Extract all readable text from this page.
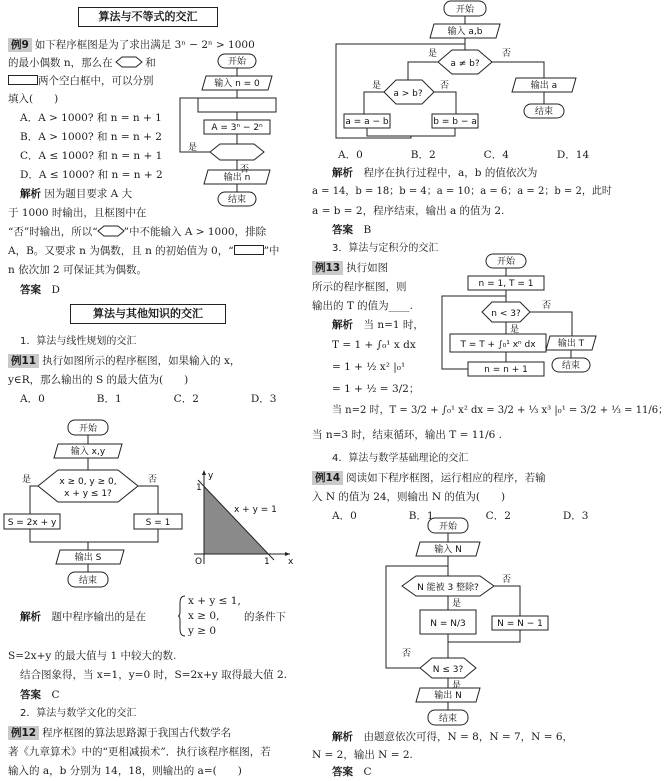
算法与不等式的交汇
例9 如下程序框图是为了求出满足 3ⁿ − 2ⁿ > 1000
的最小偶数 n，那么在	和
两个空白框中，可以分别
填入(　　)
A．A > 1000? 和 n = n + 1
B．A > 1000? 和 n = n + 2
C．A ≤ 1000? 和 n = n + 1
D．A ≤ 1000? 和 n = n + 2
开始
输入 n = 0
A = 3ⁿ − 2ⁿ
是
否
输出 n
结束
解析 因为题目要求 A 大
于 1000 时输出，且框图中在
“否”时输出，所以“ ”中不能输入 A > 1000，排除
A，B。又要求 n 为偶数，且 n 的初始值为 0，“	”中
n 依次加 2 可保证其为偶数。
答案　 D
算法与其他知识的交汇
1．算法与线性规划的交汇
例11 执行如图所示的程序框图，如果输入的 x，
y∈R，那么输出的 S 的最大值为(　　)
A．0	B．1	C．2	D．3
开始
输入 x,y
x ≥ 0, y ≥ 0,
x + y ≤ 1?
是	否
S = 2x + y	S = 1
输出 S
结束
y
x
O
1
1
x + y = 1
解析　 题中程序输出的是在
x + y ≤ 1,
x ≥ 0,
y ≥ 0
的条件下
S=2x+y 的最大值与 1 中较大的数.
结合图象得，当 x=1，y=0 时，S=2x+y 取得最大值 2.
答案　 C
2．算法与数学文化的交汇
例12 程序框图的算法思路源于我国古代数学名
著《九章算术》中的“更相减损术”．执行该程序框图，若
输入的 a，b 分别为 14，18，则输出的 a=(　　)
开始
输入 a,b
a ≠ b?
是	否
a > b?
是	否
a = a − b	b = b − a
输出 a
结束
A．0	B．2	C．4	D．14
解析　 程序在执行过程中，a，b 的值依次为
a = 14，b = 18；b = 4；a = 10；a = 6；a = 2；b = 2，此时
a = b = 2，程序结束，输出 a 的值为 2.
答案　 B
3．算法与定积分的交汇
例13 执行如图
所示的程序框图，则
输出的 T 的值为____.
开始
n = 1, T = 1
n < 3?
否
是
T = T + ∫₀¹ xⁿ dx
n = n + 1
输出 T
结束
解析　 当 n=1 时，
T = 1 + ∫₀¹ x dx
= 1 + ½ x² |₀¹
= 1 + ½ = 3/2；
当 n=2 时，T = 3/2 + ∫₀¹ x² dx = 3/2 + ⅓ x³ |₀¹ = 3/2 + ⅓ = 11/6；
当 n=3 时，结束循环，输出 T = 11/6 .
4．算法与数学基础理论的交汇
例14 阅读如下程序框图，运行相应的程序，若输
入 N 的值为 24，则输出 N 的值为(　　)
A．0	B．1	C．2	D．3
开始
输入 N
N 能被 3 整除?
是
否
N = N/3	N = N − 1
N ≤ 3?
否
是
输出 N
结束
解析　 由题意依次可得，N = 8，N = 7，N = 6，
N = 2，输出 N = 2.
答案　 C
